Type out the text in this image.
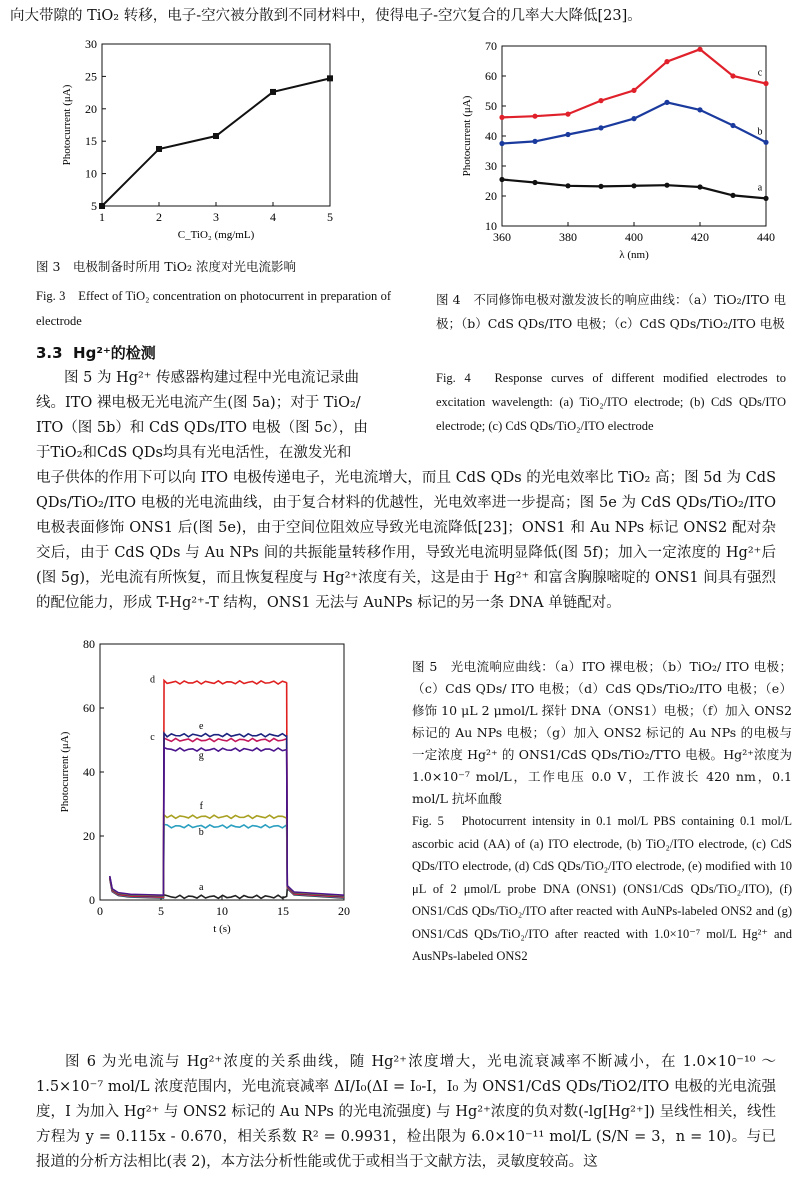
向大带隙的 TiO₂ 转移，电子-空穴被分散到不同材料中，使得电子-空穴复合的几率大大降低[23]。
1	2	3	4	5
5
10
15
20
25
30
C_TiO₂ (mg/mL)
Photocurrent (μA)
图 3　电极制备时所用 TiO₂ 浓度对光电流影响
Fig. 3　Effect of TiO₂ concentration on photocurrent in preparation of electrode
360	380	400	420	440
10
20
30
40
50
60
70
λ (nm)
Photocurrent (μA)
a
b
c
图 4　不同修饰电极对激发波长的响应曲线：（a）TiO₂/ITO 电极；（b）CdS QDs/ITO 电极；（c）CdS QDs/TiO₂/ITO 电极
Fig. 4　Response curves of different modified electrodes to excitation wavelength: (a) TiO₂/ITO electrode; (b) CdS QDs/ITO electrode; (c) CdS QDs/TiO₂/ITO electrode
3.3 Hg²⁺的检测
图 5 为 Hg²⁺ 传感器构建过程中光电流记录曲
线。ITO 裸电极无光电流产生(图 5a)；对于 TiO₂/
ITO（图 5b）和 CdS QDs/ITO 电极（图 5c），由
于TiO₂和CdS QDs均具有光电活性，在激发光和
电子供体的作用下可以向 ITO 电极传递电子，光电流增大，而且 CdS QDs 的光电效率比 TiO₂ 高；图 5d 为 CdS QDs/TiO₂/ITO 电极的光电流曲线，由于复合材料的优越性，光电效率进一步提高；图 5e 为 CdS QDs/TiO₂/ITO 电极表面修饰 ONS1 后(图 5e)，由于空间位阻效应导致光电流降低[23]；ONS1 和 Au NPs 标记 ONS2 配对杂交后，由于 CdS QDs 与 Au NPs 间的共振能量转移作用，导致光电流明显降低(图 5f)；加入一定浓度的 Hg²⁺后(图 5g)，光电流有所恢复，而且恢复程度与 Hg²⁺浓度有关，这是由于 Hg²⁺ 和富含胸腺嘧啶的 ONS1 间具有强烈的配位能力，形成 T-Hg²⁺-T 结构，ONS1 无法与 AuNPs 标记的另一条 DNA 单链配对。
0	5	10	15	20
0
20
40
60
80
t (s)
Photocurrent (μA)
d
e
c
g
f
b
a
图 5　光电流响应曲线：（a）ITO 裸电极；（b）TiO₂/ ITO 电极；（c）CdS QDs/ ITO 电极；（d）CdS QDs/TiO₂/ITO 电极；（e）修饰 10 μL 2 μmol/L 探针 DNA（ONS1）电极；（f）加入 ONS2 标记的 Au NPs 电极；（g）加入 ONS2 标记的 Au NPs 的电极与一定浓度 Hg²⁺ 的 ONS1/CdS QDs/TiO₂/TTO 电极。Hg²⁺浓度为1.0×10⁻⁷ mol/L，工作电压 0.0 V，工作波长 420 nm，0.1 mol/L 抗坏血酸
Fig. 5　Photocurrent intensity in 0.1 mol/L PBS containing 0.1 mol/L ascorbic acid (AA) of (a) ITO electrode, (b) TiO₂/ITO electrode, (c) CdS QDs/ITO electrode, (d) CdS QDs/TiO₂/ITO electrode, (e) modified with 10 μL of 2 μmol/L probe DNA (ONS1) (ONS1/CdS QDs/TiO₂/ITO), (f) ONS1/CdS QDs/TiO₂/ITO after reacted with AuNPs-labeled ONS2 and (g) ONS1/CdS QDs/TiO₂/ITO after reacted with 1.0×10⁻⁷ mol/L Hg²⁺ and AusNPs-labeled ONS2
图 6 为光电流与 Hg²⁺浓度的关系曲线，随 Hg²⁺浓度增大，光电流衰减率不断减小，在 1.0×10⁻¹⁰ ～ 1.5×10⁻⁷ mol/L 浓度范围内，光电流衰减率 ΔI/I₀(ΔI = I₀-I，I₀ 为 ONS1/CdS QDs/TiO2/ITO 电极的光电流强度，I 为加入 Hg²⁺ 与 ONS2 标记的 Au NPs 的光电流强度) 与 Hg²⁺浓度的负对数(-lg[Hg²⁺]) 呈线性相关，线性方程为 y = 0.115x - 0.670，相关系数 R² = 0.9931，检出限为 6.0×10⁻¹¹ mol/L (S/N = 3，n = 10)。与已报道的分析方法相比(表 2)，本方法分析性能或优于或相当于文献方法，灵敏度较高。这
